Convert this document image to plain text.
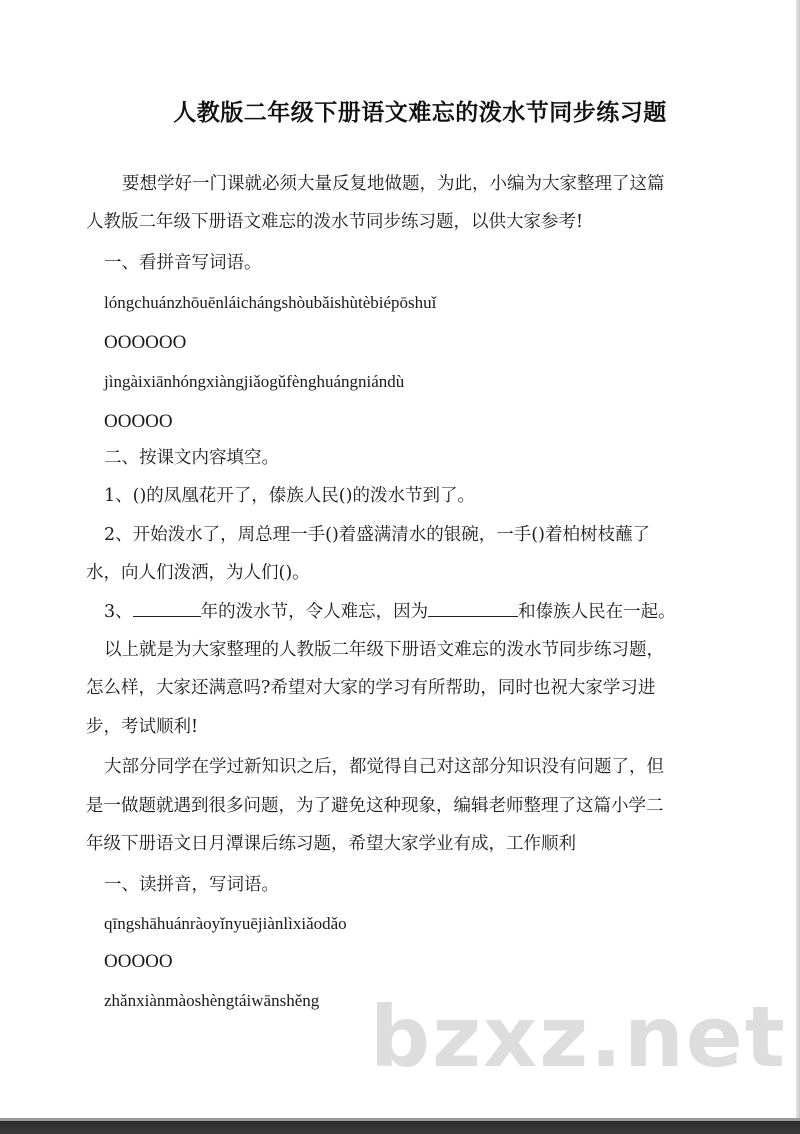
人教版二年级下册语文难忘的泼水节同步练习题
要想学好一门课就必须大量反复地做题，为此，小编为大家整理了这篇
人教版二年级下册语文难忘的泼水节同步练习题，以供大家参考!
一、看拼音写词语。
lóngchuánzhōuēnláichángshòubǎishùtèbiépōshuǐ
OOOOOO
jìngàixiānhóngxiàngjiǎogǔfènghuángniándù
OOOOO
二、按课文内容填空。
1、()的凤凰花开了，傣族人民()的泼水节到了。
2、开始泼水了，周总理一手()着盛满清水的银碗，一手()着柏树枝蘸了
水，向人们泼洒，为人们()。
3、	年的泼水节，令人难忘，因为	和傣族人民在一起。
以上就是为大家整理的人教版二年级下册语文难忘的泼水节同步练习题，
怎么样，大家还满意吗?希望对大家的学习有所帮助，同时也祝大家学习进
步，考试顺利!
大部分同学在学过新知识之后，都觉得自己对这部分知识没有问题了，但
是一做题就遇到很多问题，为了避免这种现象，编辑老师整理了这篇小学二
年级下册语文日月潭课后练习题，希望大家学业有成，工作顺利
一、读拼音，写词语。
qīngshāhuánràoyǐnyuējiànlìxiǎodǎo
OOOOO
zhǎnxiànmàoshèngtáiwānshěng bzxz.net
